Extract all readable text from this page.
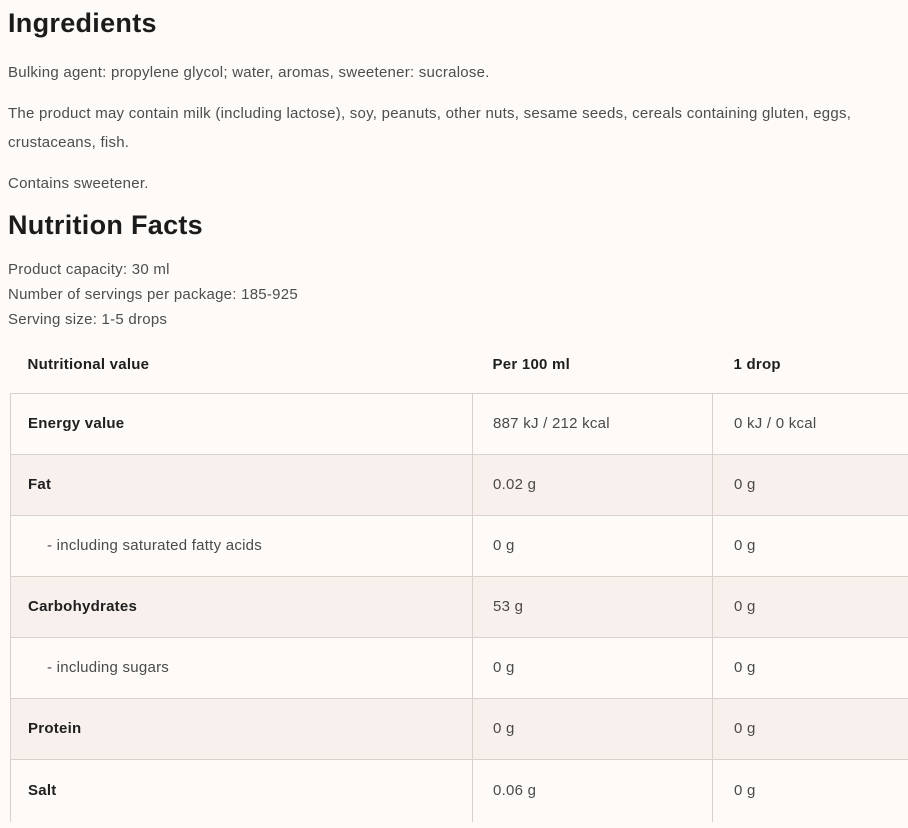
Ingredients

Bulking agent: propylene glycol; water, aromas, sweetener: sucralose.

The product may contain milk (including lactose), soy, peanuts, other nuts, sesame seeds, cereals containing gluten, eggs, crustaceans, fish.

Contains sweetener.

Nutrition Facts
Product capacity: 30 ml
Number of servings per package: 185-925
Serving size: 1-5 drops
Nutritional value	Per 100 ml	1 drop
Energy value	887 kJ / 212 kcal	0 kJ / 0 kcal
Fat	0.02 g	0 g
- including saturated fatty acids	0 g	0 g
Carbohydrates	53 g	0 g
- including sugars	0 g	0 g
Protein	0 g	0 g
Salt	0.06 g	0 g
